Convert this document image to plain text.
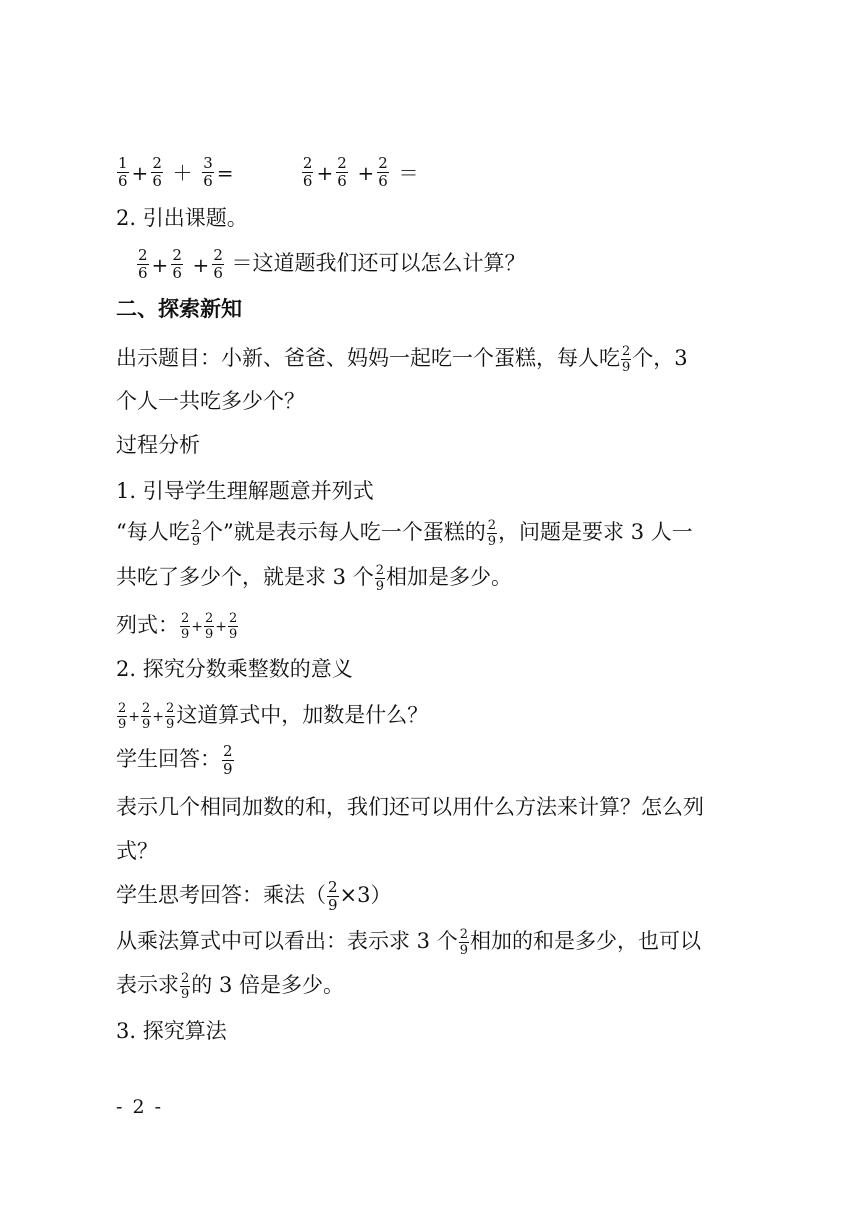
$\frac{1}{6} + \frac{2}{6} + \frac{3}{6}$ =	$\frac{2}{6} + \frac{2}{6} + \frac{2}{6}$ ＝
2. 引出课题。
$\frac{2}{6} + \frac{2}{6} + \frac{2}{6}$ ＝这道题我们还可以怎么计算？
二、探索新知
出示题目：小新、爸爸、妈妈一起吃一个蛋糕，每人吃 $\frac{2}{9}$ 个，3
个人一共吃多少个？
过程分析
1. 引导学生理解题意并列式
“每人吃 $\frac{2}{9}$ 个”就是表示每人吃一个蛋糕的 $\frac{2}{9}$ ，问题是要求 3 人一
共吃了多少个，就是求 3 个 $\frac{2}{9}$ 相加是多少。
列式： $\frac{2}{9} + \frac{2}{9} + \frac{2}{9}$
2. 探究分数乘整数的意义
$\frac{2}{9} + \frac{2}{9} + \frac{2}{9}$ 这道算式中，加数是什么？
学生回答： $\frac{2}{9}$
表示几个相同加数的和，我们还可以用什么方法来计算？怎么列
式？
学生思考回答：乘法（ $\frac{2}{9} \times 3$）
从乘法算式中可以看出：表示求 3 个 $\frac{2}{9}$ 相加的和是多少，也可以
表示求 $\frac{2}{9}$ 的 3 倍是多少。
3. 探究算法
- 2 -
